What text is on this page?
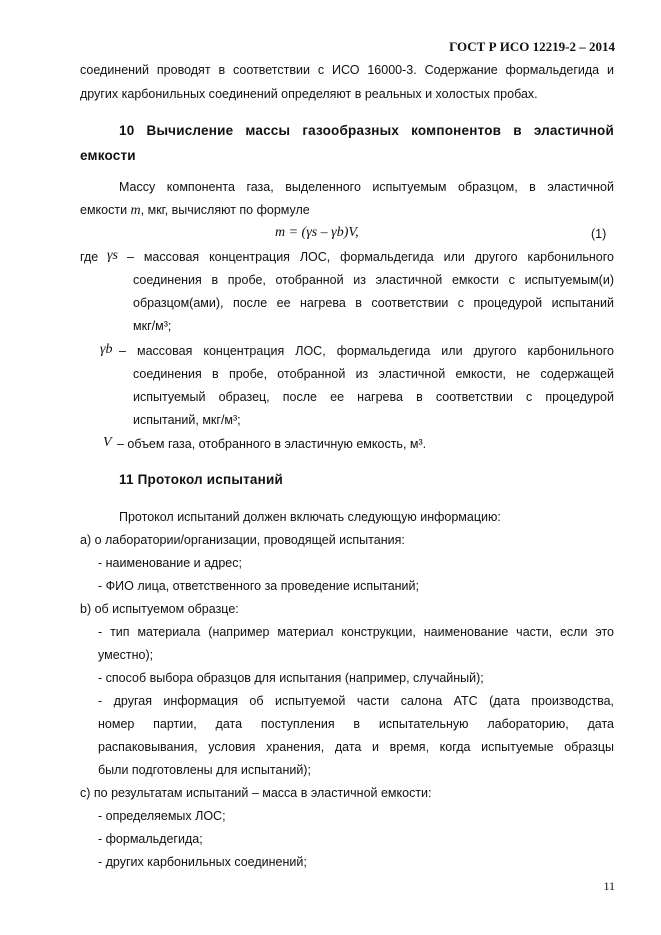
ГОСТ Р ИСО 12219-2 – 2014
соединений проводят в соответствии с ИСО 16000-3. Содержание формальдегида и
других карбонильных соединений определяют в реальных и холостых пробах.
10 Вычисление массы газообразных компонентов в эластичной
емкости
Массу компонента газа, выделенного испытуемым образцом, в эластичной
емкости m, мкг, вычисляют по формуле
m = (γs – γb)V,	(1)
где γs – массовая концентрация ЛОС, формальдегида или другого карбонильного
соединения в пробе, отобранной из эластичной емкости с испытуемым(и)
образцом(ами), после ее нагрева в соответствии с процедурой испытаний
мкг/м³;
γb – массовая концентрация ЛОС, формальдегида или другого карбонильного
соединения в пробе, отобранной из эластичной емкости, не содержащей
испытуемый образец, после ее нагрева в соответствии с процедурой
испытаний, мкг/м³;
V – объем газа, отобранного в эластичную емкость, м³.
11 Протокол испытаний
Протокол испытаний должен включать следующую информацию:
a) о лаборатории/организации, проводящей испытания:
- наименование и адрес;
- ФИО лица, ответственного за проведение испытаний;
b) об испытуемом образце:
- тип материала (например материал конструкции, наименование части, если это
уместно);
- способ выбора образцов для испытания (например, случайный);
- другая информация об испытуемой части салона АТС (дата производства,
номер партии, дата поступления в испытательную лабораторию, дата
распаковывания, условия хранения, дата и время, когда испытуемые образцы
были подготовлены для испытаний);
c) по результатам испытаний – масса в эластичной емкости:
- определяемых ЛОС;
- формальдегида;
- других карбонильных соединений;
11
